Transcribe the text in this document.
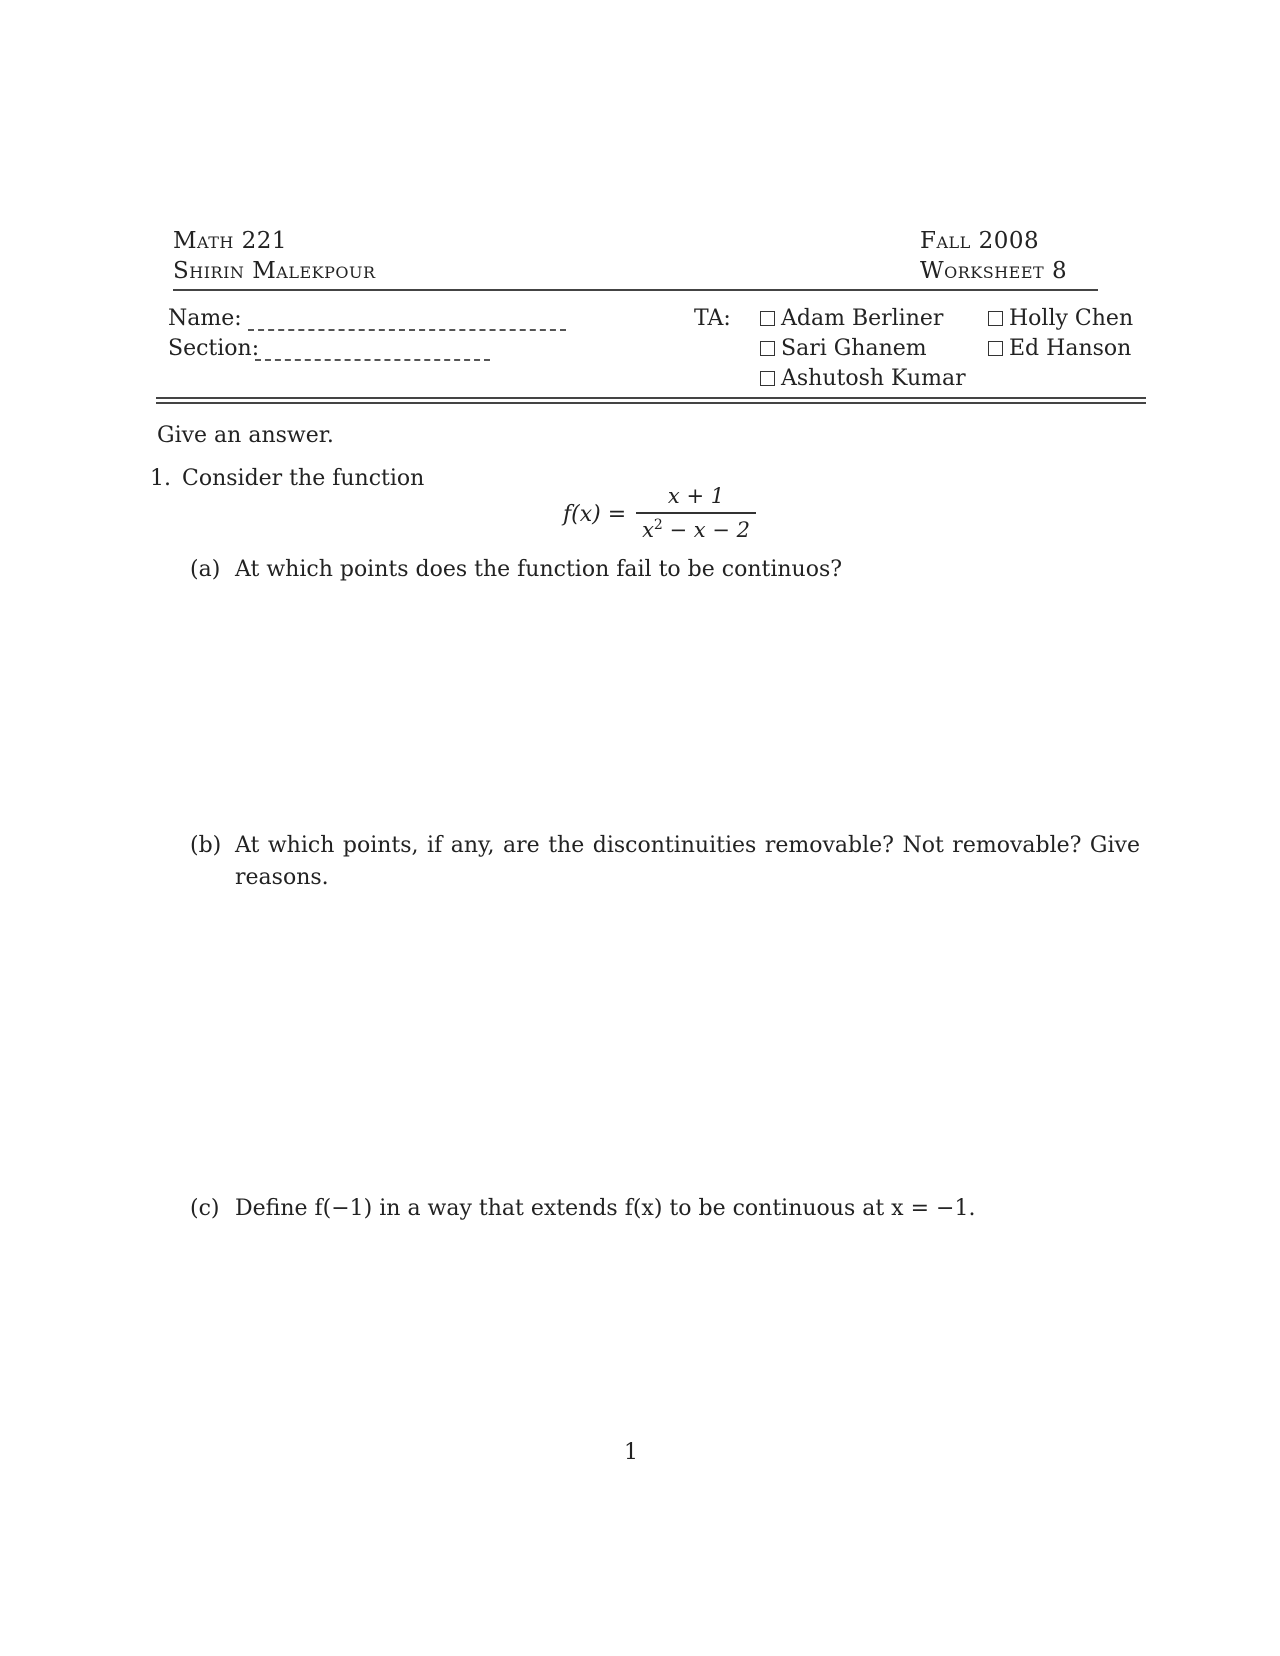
Math 221
Shirin Malekpour
Fall 2008
Worksheet 8
Name:
Section:
TA: Adam Berliner
Sari Ghanem
Ashutosh Kumar
Holly Chen
Ed Hanson
Give an answer.
1. Consider the function
f(x) =
x + 1
$x^2 - x - 2$
(a) At which points does the function fail to be continuos?
(b) At which points, if any, are the discontinuities removable? Not removable? Give reasons.
(c) Define f(−1) in a way that extends f(x) to be continuous at x = −1.
1
